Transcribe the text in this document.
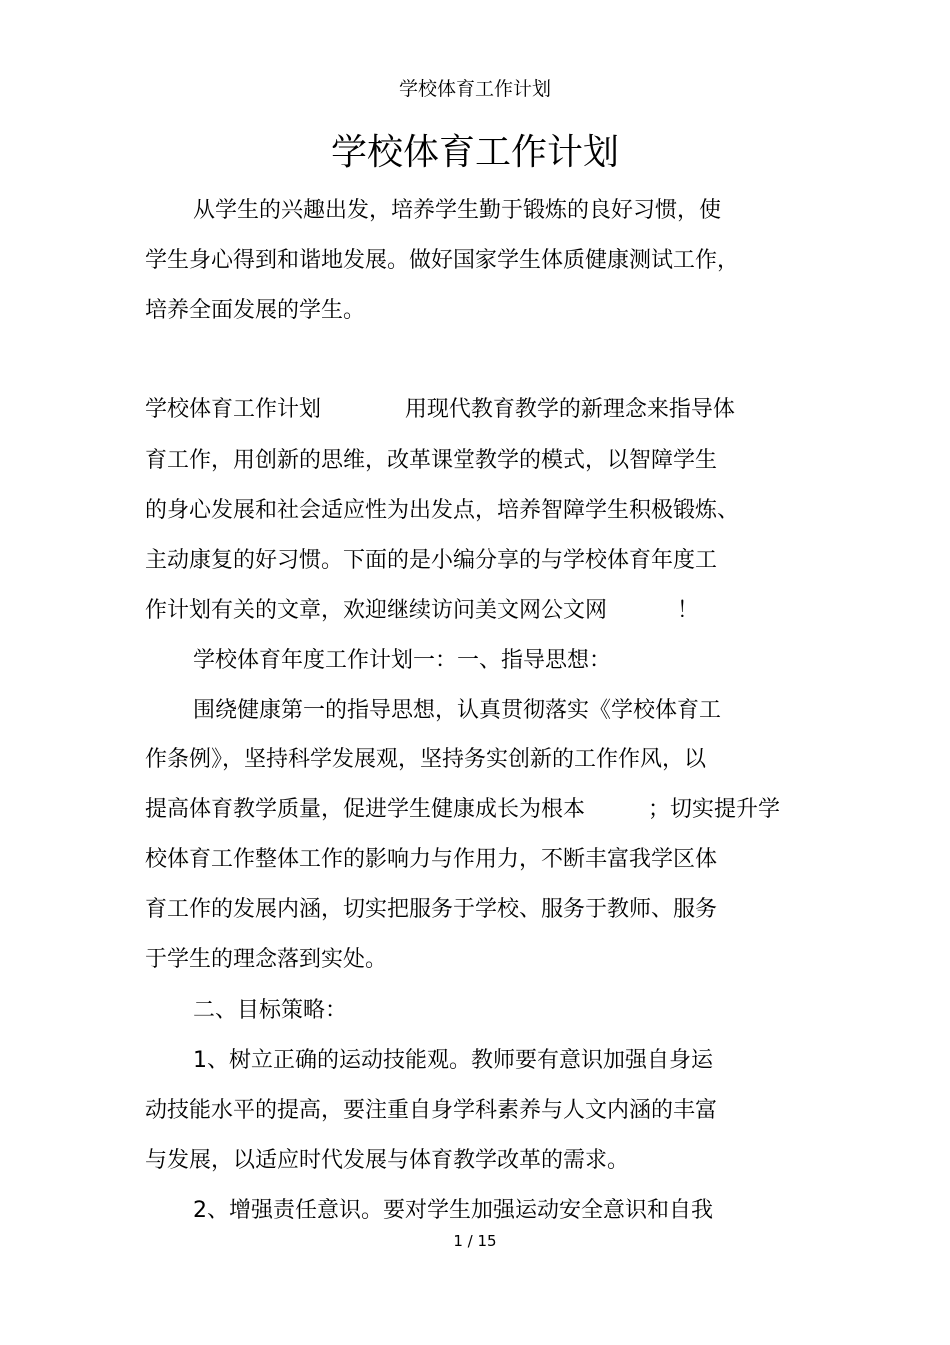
学校体育工作计划
学校体育工作计划
从学生的兴趣出发，培养学生勤于锻炼的良好习惯，使
学生身心得到和谐地发展。做好国家学生体质健康测试工作，
培养全面发展的学生。
学校体育工作计划            用现代教育教学的新理念来指导体
育工作，用创新的思维，改革课堂教学的模式，以智障学生
的身心发展和社会适应性为出发点，培养智障学生积极锻炼、
主动康复的好习惯。下面的是小编分享的与学校体育年度工
作计划有关的文章，欢迎继续访问美文网公文网          ！
学校体育年度工作计划一：一、指导思想：
围绕健康第一的指导思想，认真贯彻落实《学校体育工
作条例》，坚持科学发展观，坚持务实创新的工作作风，以
提高体育教学质量，促进学生健康成长为根本         ；切实提升学
校体育工作整体工作的影响力与作用力，不断丰富我学区体
育工作的发展内涵，切实把服务于学校、服务于教师、服务
于学生的理念落到实处。
二、目标策略：
1、树立正确的运动技能观。教师要有意识加强自身运
动技能水平的提高，要注重自身学科素养与人文内涵的丰富
与发展，以适应时代发展与体育教学改革的需求。
2、增强责任意识。要对学生加强运动安全意识和自我
1 / 15
